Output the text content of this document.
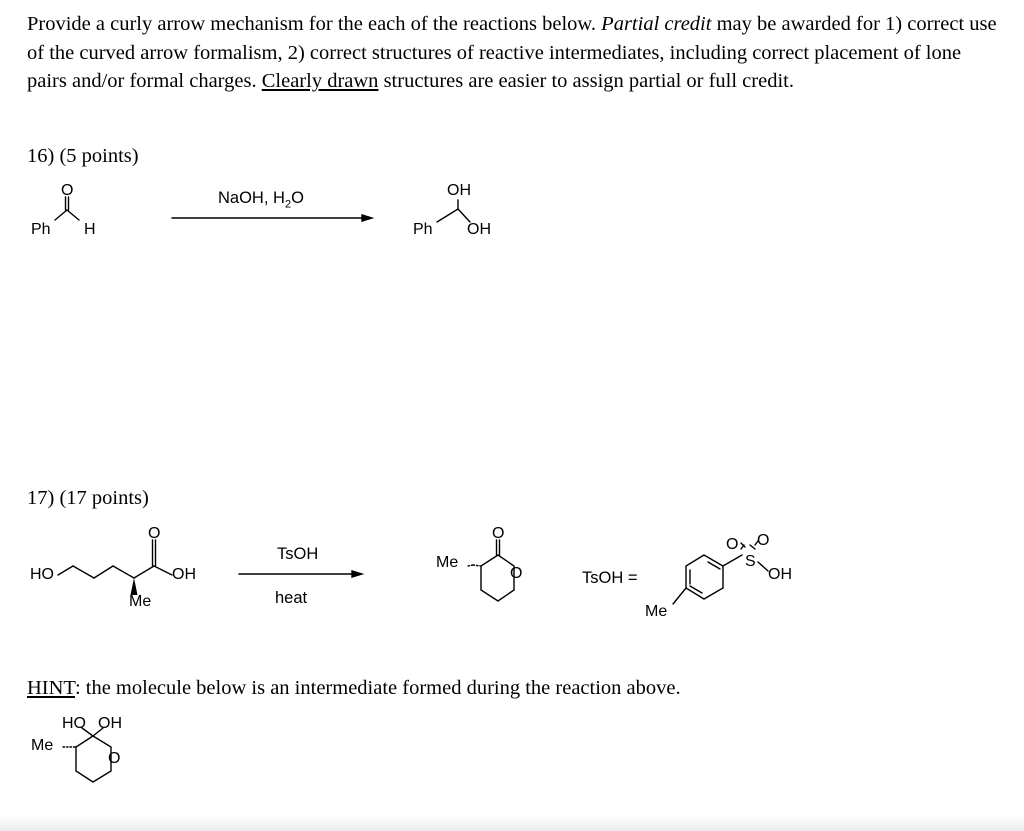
Provide a curly arrow mechanism for the each of the reactions below. Partial credit may be awarded for 1) correct use of the curved arrow formalism, 2) correct structures of reactive intermediates, including correct placement of lone pairs and/or formal charges. Clearly drawn structures are easier to assign partial or full credit.
16) (5 points)
17) (17 points)
HINT: the molecule below is an intermediate formed during the reaction above.
O
Ph H
NaOH, $H_2O$	OH
Ph OH
HO
O
OH
Me
TsOH
heat
Me
O
O	TsOH =
O O
S
OH
Me
HO OH
Me
O
